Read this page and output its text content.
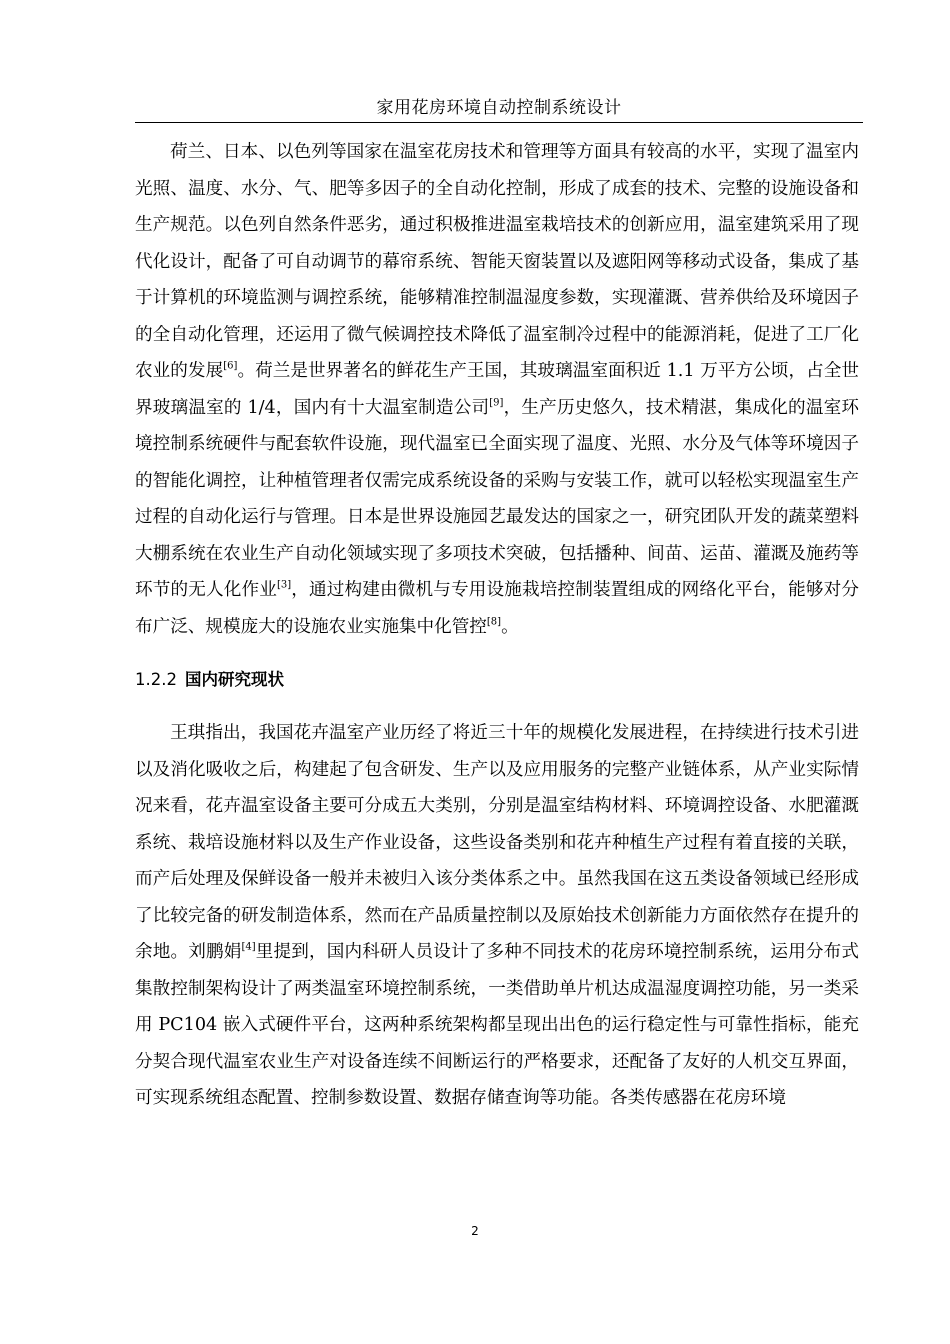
家用花房环境自动控制系统设计

荷兰、日本、以色列等国家在温室花房技术和管理等方面具有较高的水平，实现了温室内光照、温度、水分、气、肥等多因子的全自动化控制，形成了成套的技术、完整的设施设备和生产规范。以色列自然条件恶劣，通过积极推进温室栽培技术的创新应用，温室建筑采用了现代化设计，配备了可自动调节的幕帘系统、智能天窗装置以及遮阳网等移动式设备，集成了基于计算机的环境监测与调控系统，能够精准控制温湿度参数，实现灌溉、营养供给及环境因子的全自动化管理，还运用了微气候调控技术降低了温室制冷过程中的能源消耗，促进了工厂化农业的发展[6]。荷兰是世界著名的鲜花生产王国，其玻璃温室面积近 1.1 万平方公顷，占全世界玻璃温室的 1/4，国内有十大温室制造公司[9]，生产历史悠久，技术精湛，集成化的温室环境控制系统硬件与配套软件设施，现代温室已全面实现了温度、光照、水分及气体等环境因子的智能化调控，让种植管理者仅需完成系统设备的采购与安装工作，就可以轻松实现温室生产过程的自动化运行与管理。日本是世界设施园艺最发达的国家之一，研究团队开发的蔬菜塑料大棚系统在农业生产自动化领域实现了多项技术突破，包括播种、间苗、运苗、灌溉及施药等环节的无人化作业[3]，通过构建由微机与专用设施栽培控制装置组成的网络化平台，能够对分布广泛、规模庞大的设施农业实施集中化管控[8]。

1.2.2 国内研究现状

王琪指出，我国花卉温室产业历经了将近三十年的规模化发展进程，在持续进行技术引进以及消化吸收之后，构建起了包含研发、生产以及应用服务的完整产业链体系，从产业实际情况来看，花卉温室设备主要可分成五大类别，分别是温室结构材料、环境调控设备、水肥灌溉系统、栽培设施材料以及生产作业设备，这些设备类别和花卉种植生产过程有着直接的关联，而产后处理及保鲜设备一般并未被归入该分类体系之中。虽然我国在这五类设备领域已经形成了比较完备的研发制造体系，然而在产品质量控制以及原始技术创新能力方面依然存在提升的余地。刘鹏娟[4]里提到，国内科研人员设计了多种不同技术的花房环境控制系统，运用分布式集散控制架构设计了两类温室环境控制系统，一类借助单片机达成温湿度调控功能，另一类采用 PC104 嵌入式硬件平台，这两种系统架构都呈现出出色的运行稳定性与可靠性指标，能充分契合现代温室农业生产对设备连续不间断运行的严格要求，还配备了友好的人机交互界面，可实现系统组态配置、控制参数设置、数据存储查询等功能。各类传感器在花房环境

2
